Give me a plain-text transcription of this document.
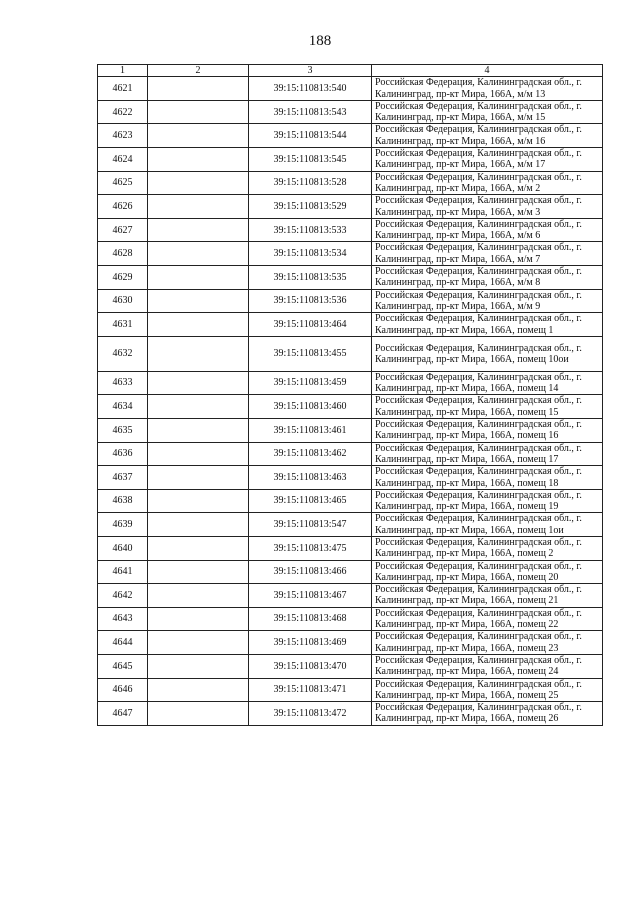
188
1	2	3	4
4621		39:15:110813:540	Российская Федерация, Калининградская обл., г. Калининград, пр-кт Мира, 166А, м/м 13
4622		39:15:110813:543	Российская Федерация, Калининградская обл., г. Калининград, пр-кт Мира, 166А, м/м 15
4623		39:15:110813:544	Российская Федерация, Калининградская обл., г. Калининград, пр-кт Мира, 166А, м/м 16
4624		39:15:110813:545	Российская Федерация, Калининградская обл., г. Калининград, пр-кт Мира, 166А, м/м 17
4625		39:15:110813:528	Российская Федерация, Калининградская обл., г. Калининград, пр-кт Мира, 166А, м/м 2
4626		39:15:110813:529	Российская Федерация, Калининградская обл., г. Калининград, пр-кт Мира, 166А, м/м 3
4627		39:15:110813:533	Российская Федерация, Калининградская обл., г. Калининград, пр-кт Мира, 166А, м/м 6
4628		39:15:110813:534	Российская Федерация, Калининградская обл., г. Калининград, пр-кт Мира, 166А, м/м 7
4629		39:15:110813:535	Российская Федерация, Калининградская обл., г. Калининград, пр-кт Мира, 166А, м/м 8
4630		39:15:110813:536	Российская Федерация, Калининградская обл., г. Калининград, пр-кт Мира, 166А, м/м 9
4631		39:15:110813:464	Российская Федерация, Калининградская обл., г. Калининград, пр-кт Мира, 166А, помещ 1
4632		39:15:110813:455	Российская Федерация, Калининградская обл., г. Калининград, пр-кт Мира, 166А, помещ 10ои
4633		39:15:110813:459	Российская Федерация, Калининградская обл., г. Калининград, пр-кт Мира, 166А, помещ 14
4634		39:15:110813:460	Российская Федерация, Калининградская обл., г. Калининград, пр-кт Мира, 166А, помещ 15
4635		39:15:110813:461	Российская Федерация, Калининградская обл., г. Калининград, пр-кт Мира, 166А, помещ 16
4636		39:15:110813:462	Российская Федерация, Калининградская обл., г. Калининград, пр-кт Мира, 166А, помещ 17
4637		39:15:110813:463	Российская Федерация, Калининградская обл., г. Калининград, пр-кт Мира, 166А, помещ 18
4638		39:15:110813:465	Российская Федерация, Калининградская обл., г. Калининград, пр-кт Мира, 166А, помещ 19
4639		39:15:110813:547	Российская Федерация, Калининградская обл., г. Калининград, пр-кт Мира, 166А, помещ 1ои
4640		39:15:110813:475	Российская Федерация, Калининградская обл., г. Калининград, пр-кт Мира, 166А, помещ 2
4641		39:15:110813:466	Российская Федерация, Калининградская обл., г. Калининград, пр-кт Мира, 166А, помещ 20
4642		39:15:110813:467	Российская Федерация, Калининградская обл., г. Калининград, пр-кт Мира, 166А, помещ 21
4643		39:15:110813:468	Российская Федерация, Калининградская обл., г. Калининград, пр-кт Мира, 166А, помещ 22
4644		39:15:110813:469	Российская Федерация, Калининградская обл., г. Калининград, пр-кт Мира, 166А, помещ 23
4645		39:15:110813:470	Российская Федерация, Калининградская обл., г. Калининград, пр-кт Мира, 166А, помещ 24
4646		39:15:110813:471	Российская Федерация, Калининградская обл., г. Калининград, пр-кт Мира, 166А, помещ 25
4647		39:15:110813:472	Российская Федерация, Калининградская обл., г. Калининград, пр-кт Мира, 166А, помещ 26
